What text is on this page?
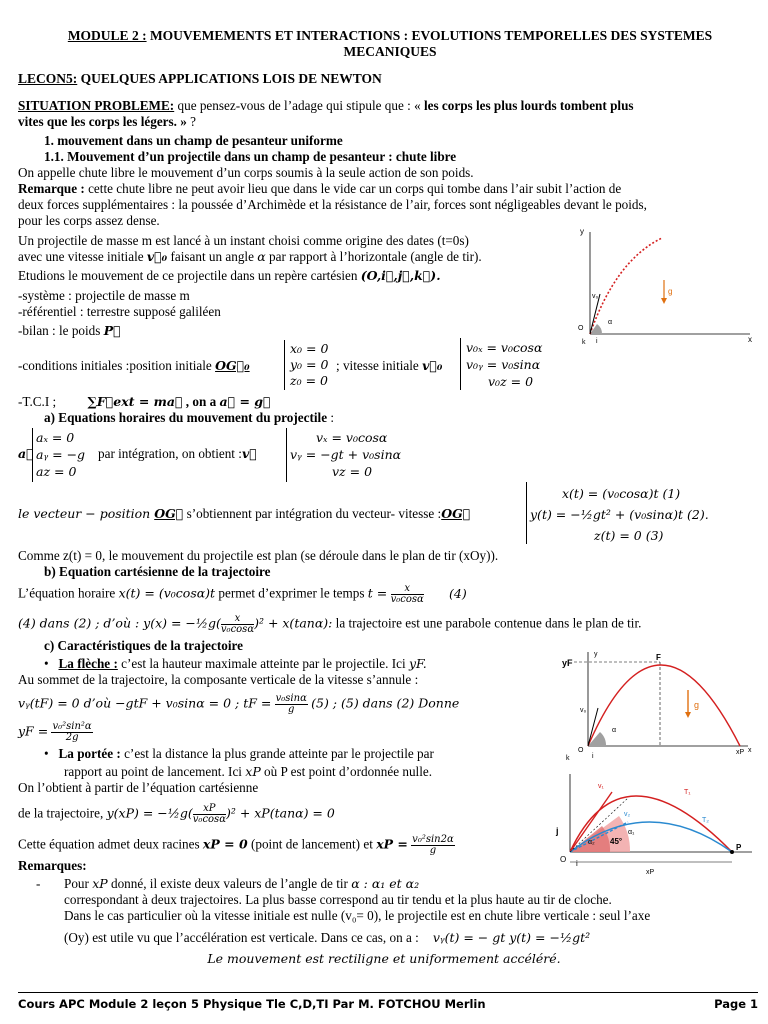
MODULE 2 : MOUVEMEMENTS ET INTERACTIONS : EVOLUTIONS TEMPORELLES DES SYSTEMES
MECANIQUES
LECON5: QUELQUES APPLICATIONS LOIS DE NEWTON
SITUATION PROBLEME: que pensez-vous de l’adage qui stipule que : « les corps les plus lourds tombent plus
vites que les corps les légers. » ?
1. mouvement dans un champ de pesanteur uniforme
1.1. Mouvement d’un projectile dans un champ de pesanteur : chute libre
On appelle chute libre le mouvement d’un corps soumis à la seule action de son poids.
Remarque : cette chute libre ne peut avoir lieu que dans le vide car un corps qui tombe dans l’air subit l’action de
deux forces supplémentaires : la poussée d’Archimède et la résistance de l’air, forces sont négligeables devant le poids,
pour les corps assez dense.
Un projectile de masse m est lancé à un instant choisi comme origine des dates (t=0s)
avec une vitesse initiale v⃗₀ faisant un angle α par rapport à l’horizontale (angle de tir).
Etudions le mouvement de ce projectile dans un repère cartésien (O,i⃗,j⃗,k⃗).
-système : projectile de masse m
-référentiel : terrestre supposé galiléen
-bilan : le poids P⃗
-conditions initiales :position initiale OG⃗₀
x₀ = 0
y₀ = 0
z₀ = 0
; vitesse initiale v⃗₀
v₀ₓ = v₀cosα
v₀ᵧ = v₀sinα
v₀z = 0
-T.C.I ;	∑F⃗ext = ma⃗ , on a a⃗ = g⃗
a) Equations horaires du mouvement du projectile :
a⃗
aₓ = 0
aᵧ = −g
az = 0
par intégration, on obtient :v⃗
vₓ = v₀cosα
vᵧ = −gt + v₀sinα
vz = 0
le vecteur − position OG⃗ s’obtiennent par intégration du vecteur- vitesse :OG⃗
x(t) = (v₀cosα)t (1)
y(t) = −½gt² + (v₀sinα)t (2).
z(t) = 0 (3)
Comme z(t) = 0, le mouvement du projectile est plan (se déroule dans le plan de tir (xOy)).
b) Equation cartésienne de la trajectoire
L’équation horaire x(t) = (v₀cosα)t permet d’exprimer le temps $t = \frac{x}{\text{v₀cosα}} (4)$
(4) dans (2) ; d’où : y(x) = −½g( $\frac{x}{\text{v₀cosα}} )^2 + x(\tan\alpha)$: la trajectoire est une parabole contenue dans le plan de tir.
c) Caractéristiques de la trajectoire
• La flèche : c’est la hauteur maximale atteinte par le projectile. Ici yF.
Au sommet de la trajectoire, la composante verticale de la vitesse s’annule :
vᵧ(tF) = 0 d’où −gtF + v₀sinα = 0 ; tF = $\frac{\text{v₀sinα}}{g} (5)$ ; (5) dans (2) Donne
yF = $\frac{\text{v₀²sin²α}}{2g}$
• La portée : c’est la distance la plus grande atteinte par le projectile par
rapport au point de lancement. Ici xP où P est point d’ordonnée nulle.
On l’obtient à partir de l’équation cartésienne
de la trajectoire, y(xP) = −½g( $\frac{xP}{\text{v₀cosα}} )^2 + xP(\tan\alpha) = 0$
Cette équation admet deux racines xP = 0 (point de lancement) et xP = $\frac{\text{v₀²sin2α}}{g}$
Remarques:
- Pour xP donné, il existe deux valeurs de l’angle de tir α : α₁ et α₂
correspondant à deux trajectoires. La plus basse correspond au tir tendu et la plus haute au tir de cloche.
Dans le cas particulier où la vitesse initiale est nulle (v₀= 0), le projectile est en chute libre verticale : seul l’axe
(Oy) est utile vu que l’accélération est verticale. Dans ce cas, on a : vᵧ(t) = − gt y(t) = −½gt²
Le mouvement est rectiligne et uniformement accéléré.
g
y
x
v₀
α
O
i
k
g
yF
y	F
v₀
α
xP x
O
k	i
v₁
v₂
T₁
T₂
α₁
α₂ 45°
j
i
O
P
xP
Cours APC Module 2 leçon 5 Physique Tle C,D,TI Par M. FOTCHOU Merlin	Page 1
